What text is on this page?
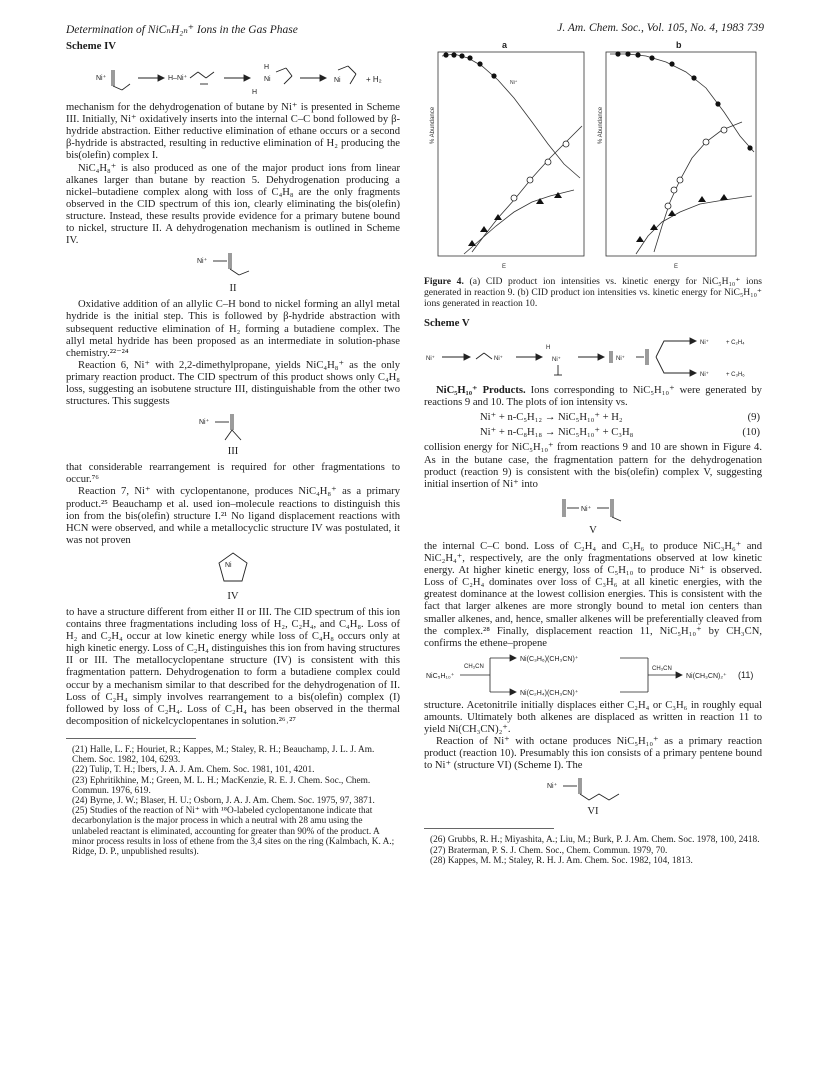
Determination of NiCₙH₂ₙ⁺ Ions in the Gas Phase	J. Am. Chem. Soc., Vol. 105, No. 4, 1983 739
Scheme IV
Ni⁺	H–Ni⁺
H
Ni
H
Ni	+ H₂

mechanism for the dehydrogenation of butane by Ni⁺ is presented in Scheme III. Initially, Ni⁺ oxidatively inserts into the internal C–C bond followed by β-hydride abstraction. Either reductive elimination of ethane occurs or a second β-hydride is abstracted, resulting in reductive elimination of H₂ producing the bis(olefin) complex I.

NiC₄H₈⁺ is also produced as one of the major product ions from linear alkanes larger than butane by reaction 5. Dehydrogenation producing a nickel–butadiene complex along with loss of C₄H₈ are the only fragments observed in the CID spectrum of this ion, clearly eliminating the bis(olefin) structure. Instead, these results provide evidence for a primary butene bound to nickel, structure II. A dehydrogenation mechanism is outlined in Scheme IV.

Ni⁺
II

Oxidative addition of an allylic C–H bond to nickel forming an allyl metal hydride is the initial step. This is followed by β-hydride abstraction with subsequent reductive elimination of H₂ forming a butadiene complex. The allyl metal hydride has been proposed as an intermediate in solution-phase chemistry.²²⁻²⁴

Reaction 6, Ni⁺ with 2,2-dimethylpropane, yields NiC₄H₈⁺ as the only primary reaction product. The CID spectrum of this product shows only C₄H₈ loss, suggesting an isobutene structure III, distinguishable from the other two structures. This suggests

Ni⁺
III

that considerable rearrangement is required for other fragmentations to occur.⁷⁶

Reaction 7, Ni⁺ with cyclopentanone, produces NiC₄H₈⁺ as a primary product.²⁵ Beauchamp et al. used ion–molecule reactions to distinguish this ion from the bis(olefin) structure I.²¹ No ligand displacement reactions with HCN were observed, and while a metallocyclic structure IV was postulated, it was not proven

Ni
IV

to have a structure different from either II or III. The CID spectrum of this ion contains three fragmentations including loss of H₂, C₂H₄, and C₄H₈. Loss of H₂ and C₂H₄ occur at low kinetic energy while loss of C₄H₈ occurs only at high kinetic energy. Loss of C₂H₄ distinguishes this ion from having structures II or III. The metallocyclopentane structure (IV) is consistent with this fragmentation pattern. Dehydrogenation to form a butadiene complex could occur by a mechanism similar to that described for the dehydrogenation of II. Loss of C₂H₄ simply involves rearrangement to a bis(olefin) complex (I) followed by loss of C₂H₄. Loss of C₂H₄ has been observed in the thermal decomposition of nickelcyclopentanes in solution.²⁶˒²⁷

(21) Halle, L. F.; Houriet, R.; Kappes, M.; Staley, R. H.; Beauchamp, J. L. J. Am. Chem. Soc. 1982, 104, 6293.

(22) Tulip, T. H.; Ibers, J. A. J. Am. Chem. Soc. 1981, 101, 4201.

(23) Ephritikhine, M.; Green, M. L. H.; MacKenzie, R. E. J. Chem. Soc., Chem. Commun. 1976, 619.

(24) Byrne, J. W.; Blaser, H. U.; Osborn, J. A. J. Am. Chem. Soc. 1975, 97, 3871.

(25) Studies of the reaction of Ni⁺ with ¹⁸O-labeled cyclopentanone indicate that decarbonylation is the major process in which a neutral with 28 amu using the unlabeled reactant is eliminated, accounting for greater than 90% of the product. A minor process results in loss of ethene from the 3,4 sites on the ring (Kalmbach, K. A.; Ridge, D. P., unpublished results).

a
% Abundance
Ni⁺
E
b
% Abundance
E

Figure 4. (a) CID product ion intensities vs. kinetic energy for NiC₅H₁₀⁺ ions generated in reaction 9. (b) CID product ion intensities vs. kinetic energy for NiC₅H₁₀⁺ ions generated in reaction 10.

Scheme V
Ni⁺	Ni⁺
H
Ni⁺	Ni⁺
Ni⁺	+ C₂H₄
Ni⁺	+ C₃H₆

NiC₅H₁₀⁺ Products. Ions corresponding to NiC₅H₁₀⁺ were generated by reactions 9 and 10. The plots of ion intensity vs.

Ni⁺ + n-C₅H₁₂ → NiC₅H₁₀⁺ + H₂	(9)
Ni⁺ + n-C₈H₁₈ → NiC₅H₁₀⁺ + C₃H₈	(10)

collision energy for NiC₅H₁₀⁺ from reactions 9 and 10 are shown in Figure 4. As in the butane case, the fragmentation pattern for the dehydrogenation product (reaction 9) is consistent with the bis(olefin) complex V, suggesting initial insertion of Ni⁺ into

Ni⁺
V

the internal C–C bond. Loss of C₂H₄ and C₃H₆ to produce NiC₃H₆⁺ and NiC₂H₄⁺, respectively, are the only fragmentations observed at low kinetic energy. At higher kinetic energy, loss of C₅H₁₀ to produce Ni⁺ is observed. Loss of C₂H₄ dominates over loss of C₃H₆ at all kinetic energies, with the greatest dominance at the lowest collision energies. This is consistent with the fact that larger alkenes are more strongly bound to metal ion centers than smaller alkenes, and, hence, smaller alkenes will be preferentially cleaved from the complex.²⁸ Finally, displacement reaction 11, NiC₅H₁₀⁺ by CH₃CN, confirms the ethene–propene

NiC₅H₁₀⁺
CH₃CN
Ni(C₃H₆)(CH₃CN)⁺
Ni(C₂H₄)(CH₃CN)⁺
CH₃CN
Ni(CH₃CN)₂⁺ (11)

structure. Acetonitrile initially displaces either C₂H₄ or C₃H₆ in roughly equal amounts. Ultimately both alkenes are displaced as written in reaction 11 to yield Ni(CH₃CN)₂⁺.

Reaction of Ni⁺ with octane produces NiC₅H₁₀⁺ as a primary reaction product (reaction 10). Presumably this ion consists of a primary pentene bound to Ni⁺ (structure VI) (Scheme I). The

Ni⁺
VI

(26) Grubbs, R. H.; Miyashita, A.; Liu, M.; Burk, P. J. Am. Chem. Soc. 1978, 100, 2418.

(27) Braterman, P. S. J. Chem. Soc., Chem. Commun. 1979, 70.

(28) Kappes, M. M.; Staley, R. H. J. Am. Chem. Soc. 1982, 104, 1813.
